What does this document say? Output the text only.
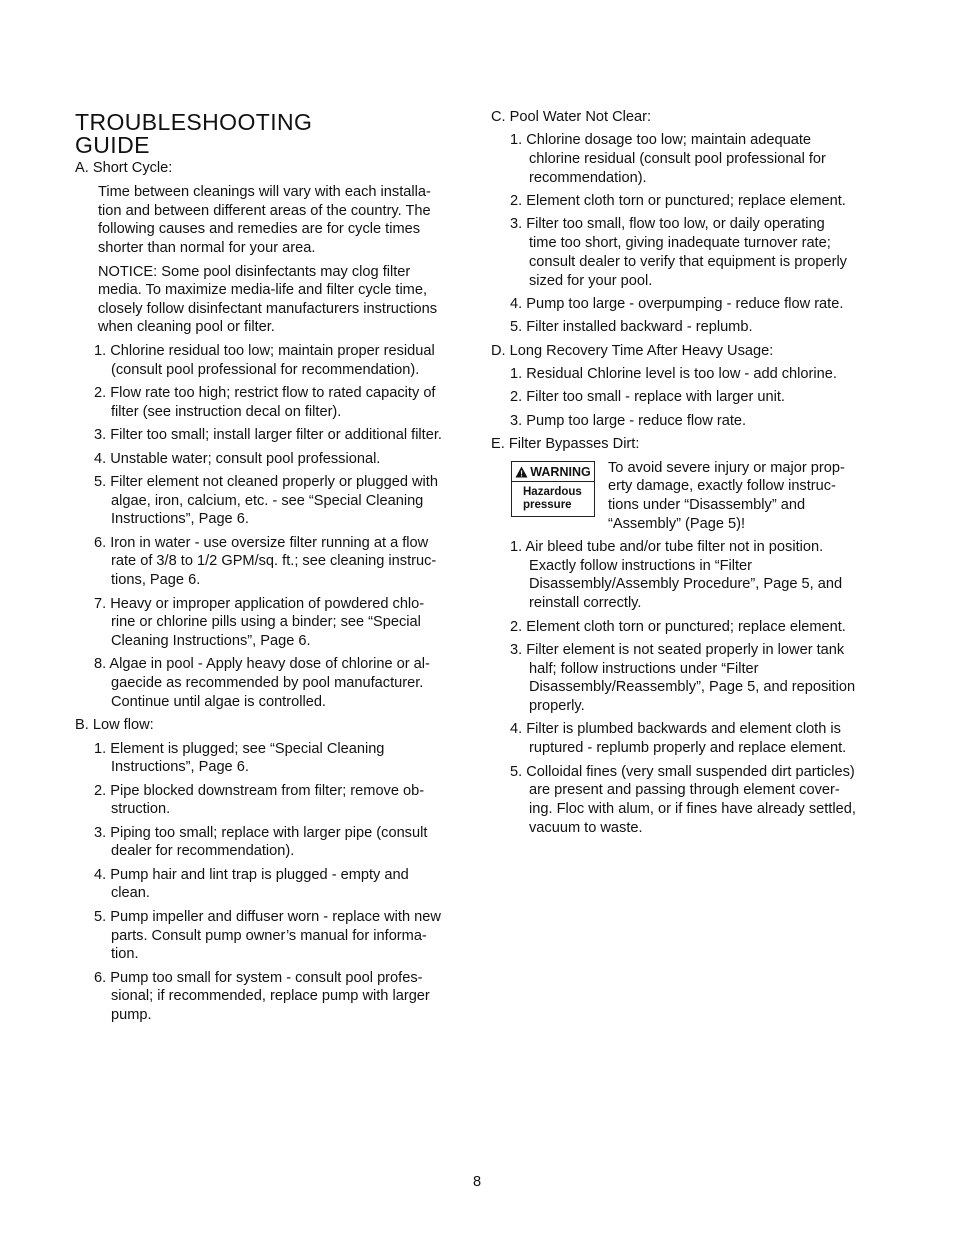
TROUBLESHOOTING
GUIDE
A. Short Cycle:
Time between cleanings will vary with each installa-
tion and between different areas of the country. The
following causes and remedies are for cycle times
shorter than normal for your area.
NOTICE: Some pool disinfectants may clog filter
media. To maximize media-life and filter cycle time,
closely follow disinfectant manufacturers instructions
when cleaning pool or filter.
1. Chlorine residual too low; maintain proper residual
(consult pool professional for recommendation).
2. Flow rate too high; restrict flow to rated capacity of
filter (see instruction decal on filter).
3. Filter too small; install larger filter or additional filter.
4. Unstable water; consult pool professional.
5. Filter element not cleaned properly or plugged with
algae, iron, calcium, etc. - see “Special Cleaning
Instructions”, Page 6.
6. Iron in water - use oversize filter running at a flow
rate of 3/8 to 1/2 GPM/sq. ft.; see cleaning instruc-
tions, Page 6.
7. Heavy or improper application of powdered chlo-
rine or chlorine pills using a binder; see “Special
Cleaning Instructions”, Page 6.
8. Algae in pool - Apply heavy dose of chlorine or al-
gaecide as recommended by pool manufacturer.
Continue until algae is controlled.
B. Low flow:
1. Element is plugged; see “Special Cleaning
Instructions”, Page 6.
2. Pipe blocked downstream from filter; remove ob-
struction.
3. Piping too small; replace with larger pipe (consult
dealer for recommendation).
4. Pump hair and lint trap is plugged - empty and
clean.
5. Pump impeller and diffuser worn - replace with new
parts. Consult pump owner’s manual for informa-
tion.
6. Pump too small for system - consult pool profes-
sional; if recommended, replace pump with larger
pump.
! WARNING
Hazardous
pressure
C. Pool Water Not Clear:
1. Chlorine dosage too low; maintain adequate
chlorine residual (consult pool professional for
recommendation).
2. Element cloth torn or punctured; replace element.
3. Filter too small, flow too low, or daily operating
time too short, giving inadequate turnover rate;
consult dealer to verify that equipment is properly
sized for your pool.
4. Pump too large - overpumping - reduce flow rate.
5. Filter installed backward - replumb.
D. Long Recovery Time After Heavy Usage:
1. Residual Chlorine level is too low - add chlorine.
2. Filter too small - replace with larger unit.
3. Pump too large - reduce flow rate.
E. Filter Bypasses Dirt:
To avoid severe injury or major prop-
erty damage, exactly follow instruc-
tions under “Disassembly” and
“Assembly” (Page 5)!
1. Air bleed tube and/or tube filter not in position.
Exactly follow instructions in “Filter
Disassembly/Assembly Procedure”, Page 5, and
reinstall correctly.
2. Element cloth torn or punctured; replace element.
3. Filter element is not seated properly in lower tank
half; follow instructions under “Filter
Disassembly/Reassembly”, Page 5, and reposition
properly.
4. Filter is plumbed backwards and element cloth is
ruptured - replumb properly and replace element.
5. Colloidal fines (very small suspended dirt particles)
are present and passing through element cover-
ing. Floc with alum, or if fines have already settled,
vacuum to waste.
8
